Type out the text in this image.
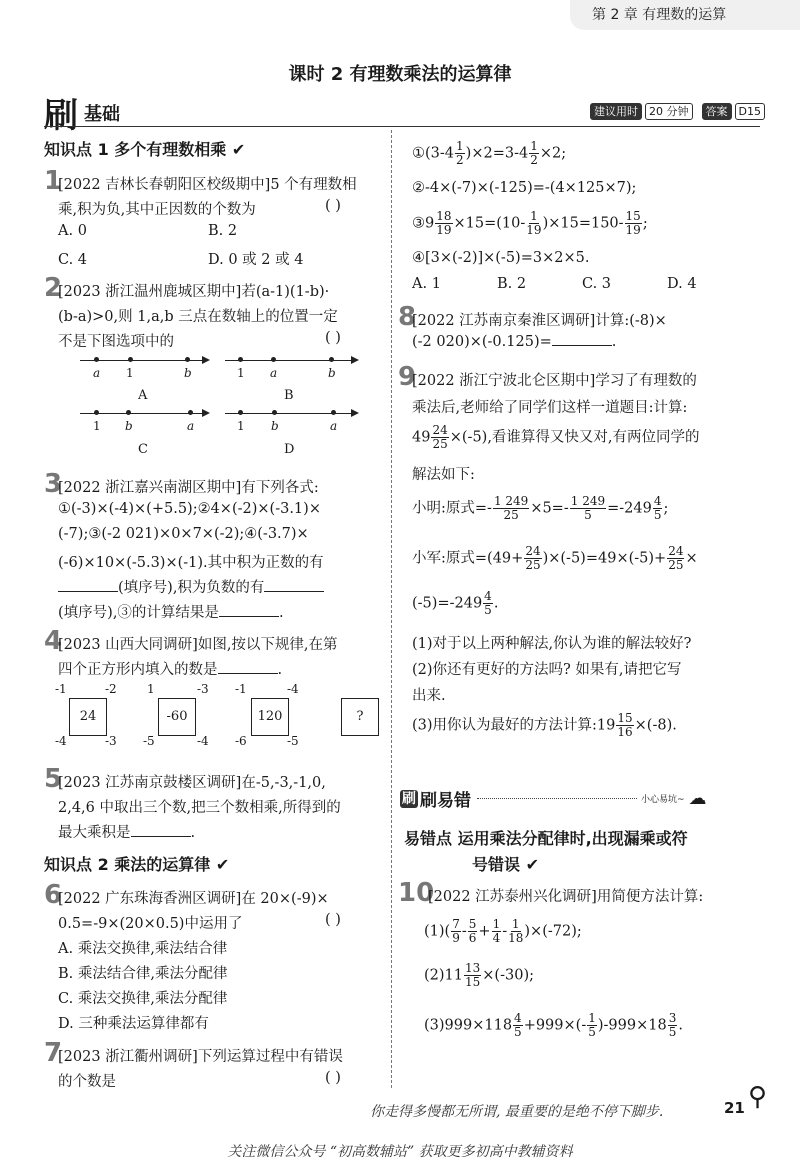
第 2 章 有理数的运算
课时 2 有理数乘法的运算律
刷 基础	建议用时	20 分钟	答案	D15
知识点 1 多个有理数相乘 ✔
1
[2022 吉林长春朝阳区校级期中]5 个有理数相
乘,积为负,其中正因数的个数为	( )
A. 0	B. 2
C. 4	D. 0 或 2 或 4
2
[2023 浙江温州鹿城区期中]若(a-1)(1-b)·
(b-a)>0,则 1,a,b 三点在数轴上的位置一定
不是下图选项中的	( )
a 1	b
A
1 a	b
B
1 b	a
C
1 b	a
D
3
[2022 浙江嘉兴南湖区期中]有下列各式:
①(-3)×(-4)×(+5.5);②4×(-2)×(-3.1)×
(-7);③(-2 021)×0×7×(-2);④(-3.7)×
(-6)×10×(-5.3)×(-1).其中积为正数的有
(填序号),积为负数的有
(填序号),③的计算结果是	.
4
[2023 山西大同调研]如图,按以下规律,在第
四个正方形内填入的数是	.
-1	-2
24
-4	-3
1	-3
-60
-5	-4
-1	-4
120
-6	-5
?
5
[2023 江苏南京鼓楼区调研]在-5,-3,-1,0,
2,4,6 中取出三个数,把三个数相乘,所得到的
最大乘积是	.
知识点 2 乘法的运算律 ✔
6
[2022 广东珠海香洲区调研]在 20×(-9)×
0.5=-9×(20×0.5)中运用了	( )
A. 乘法交换律,乘法结合律
B. 乘法结合律,乘法分配律
C. 乘法交换律,乘法分配律
D. 三种乘法运算律都有
7
[2023 浙江衢州调研]下列运算过程中有错误
的个数是	( )
①(3-4 $\frac{1}{2} )\times 2=3-4 \frac{1}{2} \times 2$;
②-4×(-7)×(-125)=-(4×125×7);
③9 $\frac{18}{19} \times 15=(10- \frac{1}{19} )\times 15=150- \frac{15}{19}$ ;
④[3×(-2)]×(-5)=3×2×5.
A. 1	B. 2	C. 3	D. 4
8
[2022 江苏南京秦淮区调研]计算:(-8)×
(-2 020)×(-0.125)=	.
9
[2022 浙江宁波北仑区期中]学习了有理数的
乘法后,老师给了同学们这样一道题目:计算:
$49 \frac{24}{25} \times(-5)$,看谁算得又快又对,有两位同学的
解法如下:
小明:原式=- $\frac{1 249}{25} \times 5=- \frac{1 249}{5} =-249 \frac{4}{5}$ ;
小军:原式$=(49+ \frac{24}{25} )\times(-5)=49\times(-5)+ \frac{24}{25}$ ×
$(-5)=-249 \frac{4}{5}$ .
(1)对于以上两种解法,你认为谁的解法较好?
(2)你还有更好的方法吗? 如果有,请把它写
出来.
(3)用你认为最好的方法计算:19 $\frac{15}{16} \times(-8)$.
刷 刷易错	小心易坑~ ☁
易错点 运用乘法分配律时,出现漏乘或符
号错误 ✔
10
[2022 江苏泰州兴化调研]用简便方法计算:
$(1)( \frac{7}{9} - \frac{5}{6} + \frac{1}{4} - \frac{1}{18} )\times(-72)$;
$(2)11 \frac{13}{15} \times(-30)$;
$(3)999\times 118 \frac{4}{5} +999\times(- \frac{1}{5} )-999\times 18 \frac{3}{5}$ .
你走得多慢都无所谓, 最重要的是绝不停下脚步.	21 ⚲
关注微信公众号 “初高数辅站” 获取更多初高中教辅资料
